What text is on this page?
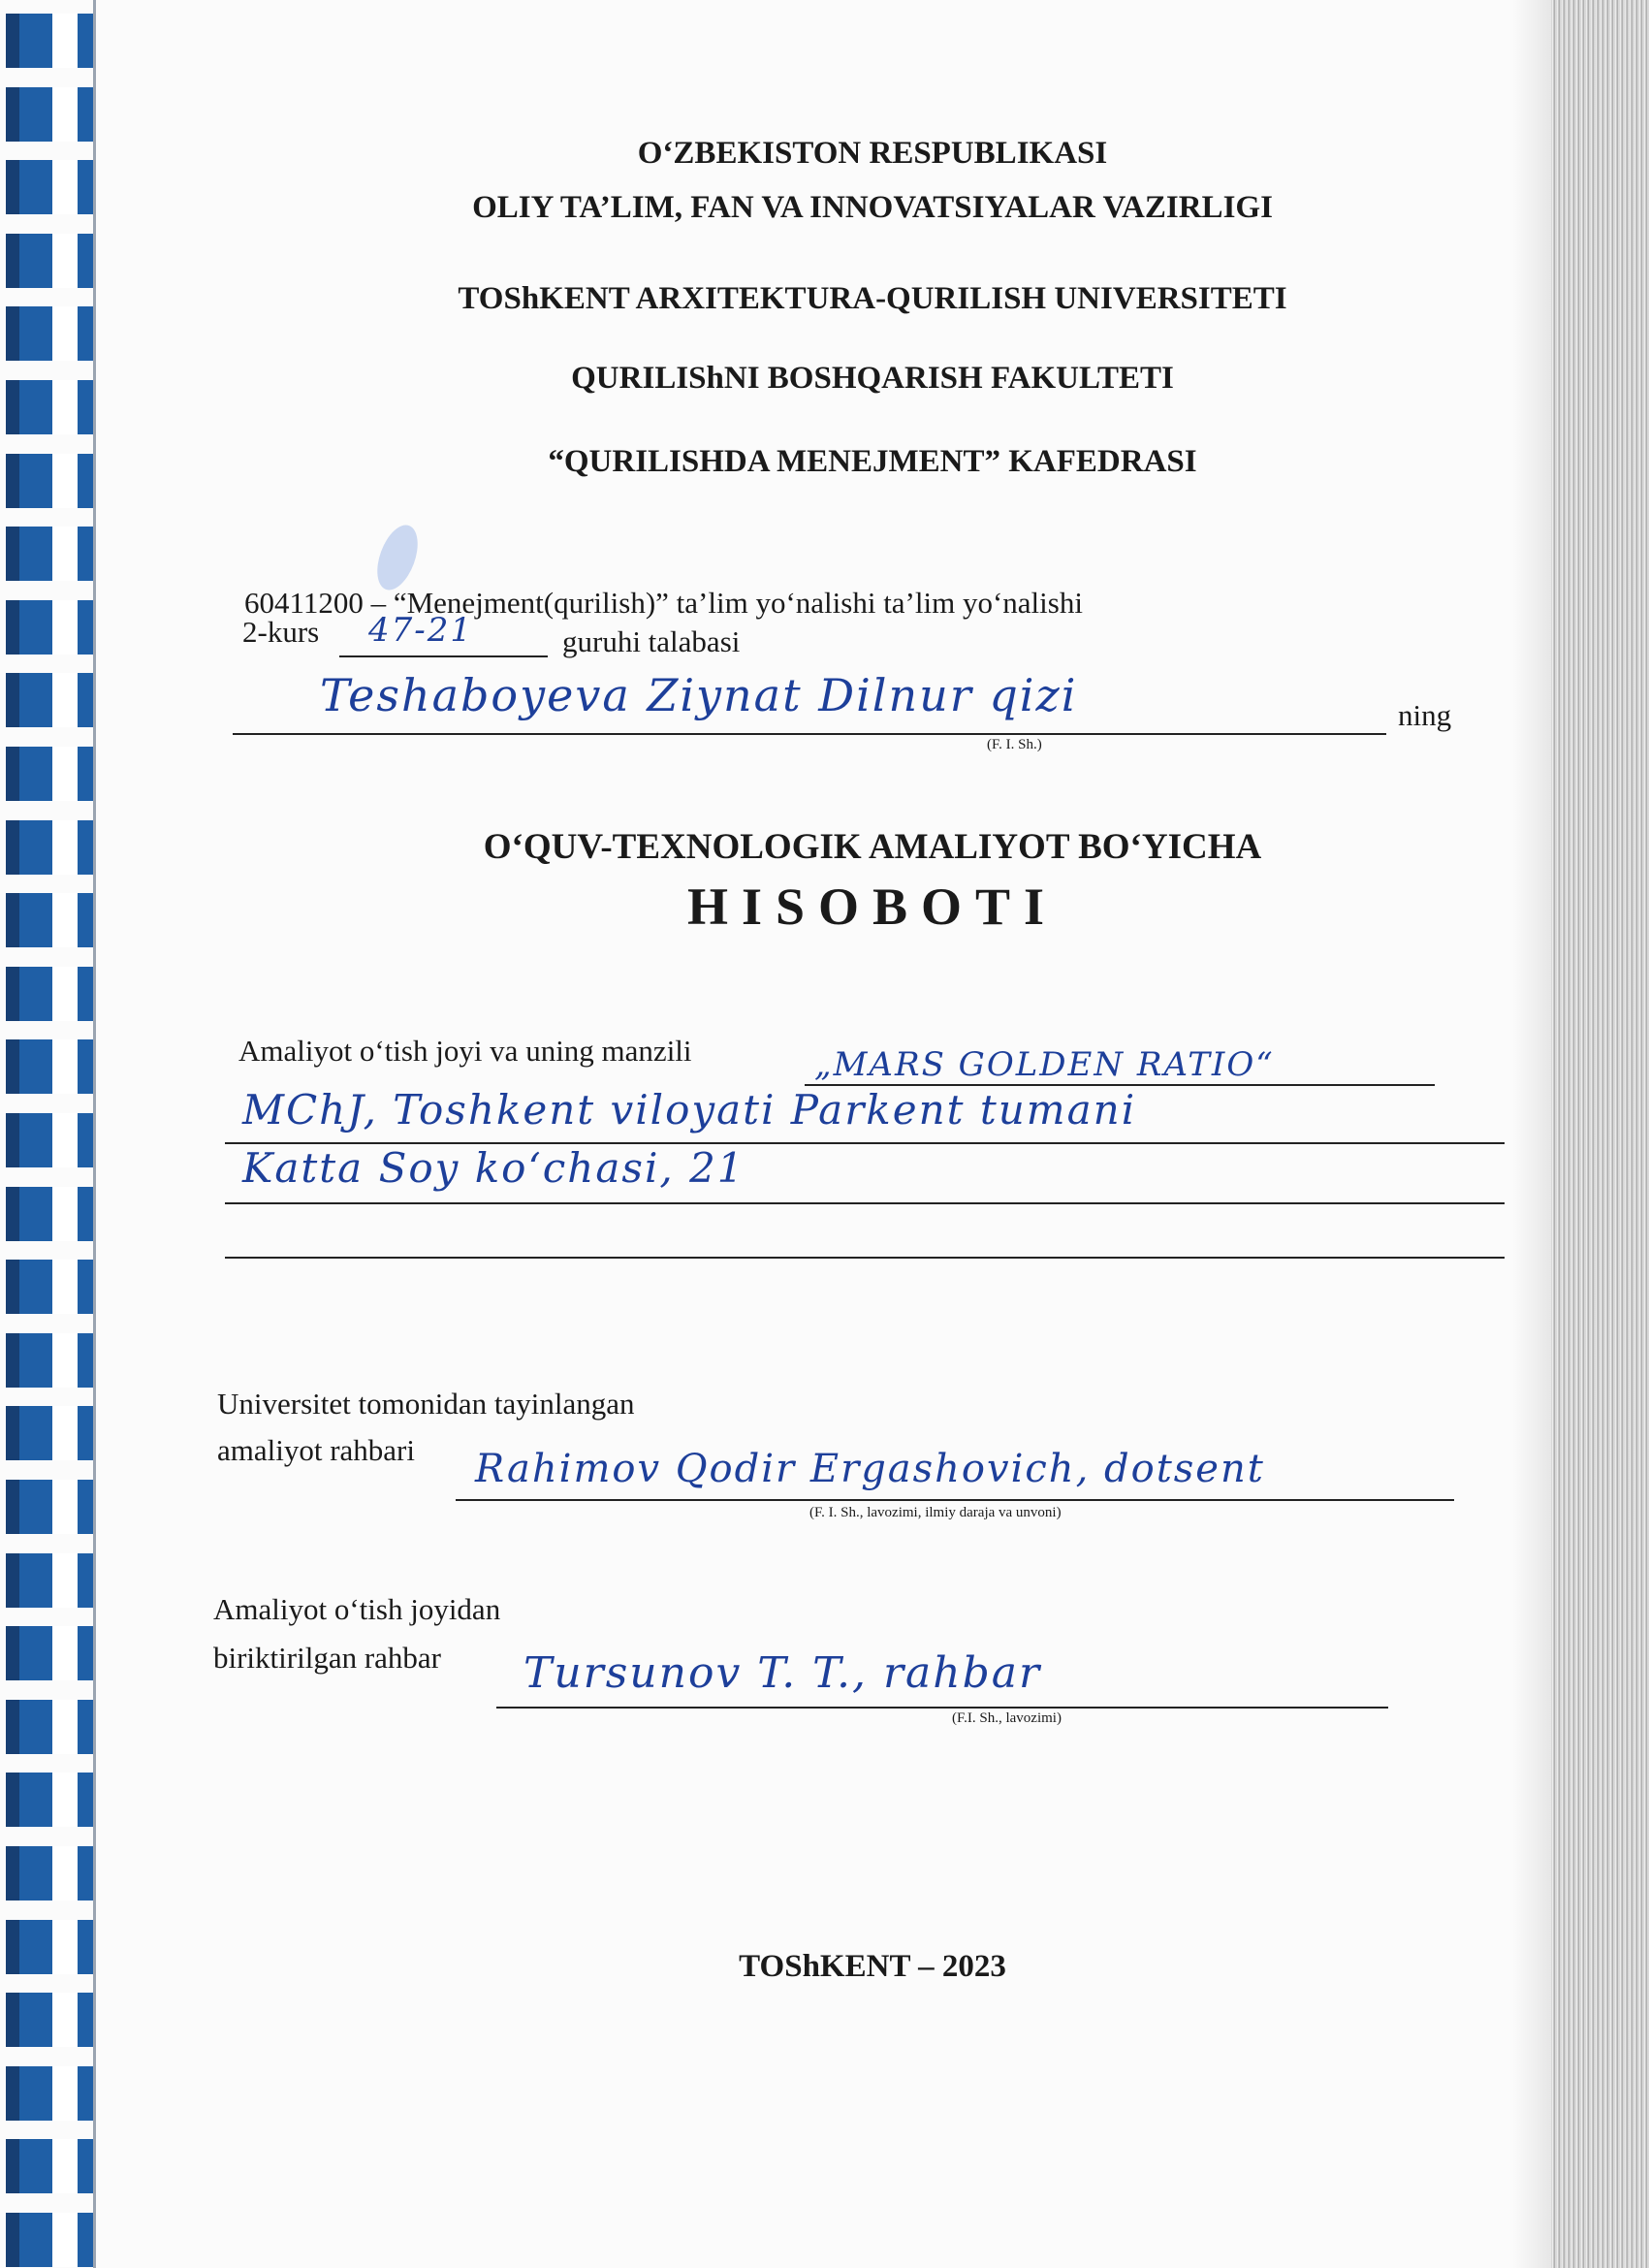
O‘ZBEKISTON RESPUBLIKASI
OLIY TA’LIM, FAN VA INNOVATSIYALAR VAZIRLIGI
TOShKENT ARXITEKTURA-QURILISH UNIVERSITETI
QURILIShNI BOSHQARISH FAKULTETI
“QURILISHDA MENEJMENT” KAFEDRASI
60411200 – “Menejment(qurilish)” ta’lim yo‘nalishi ta’lim yo‘nalishi
2-kurs 47-21	guruhi talabasi
Teshaboyeva Ziynat Dilnur qizi
(F. I. Sh.)
ning
O‘QUV-TEXNOLOGIK AMALIYOT BO‘YICHA
HISOBOTI
Amaliyot o‘tish joyi va uning manzili	„MARS GOLDEN RATIO“
MChJ, Toshkent viloyati Parkent tumani
Katta Soy ko‘chasi, 21
Universitet tomonidan tayinlangan
amaliyot rahbari Rahimov Qodir Ergashovich, dotsent
(F. I. Sh., lavozimi, ilmiy daraja va unvoni)
Amaliyot o‘tish joyidan
biriktirilgan rahbar Tursunov T. T., rahbar
(F.I. Sh., lavozimi)
TOShKENT – 2023
